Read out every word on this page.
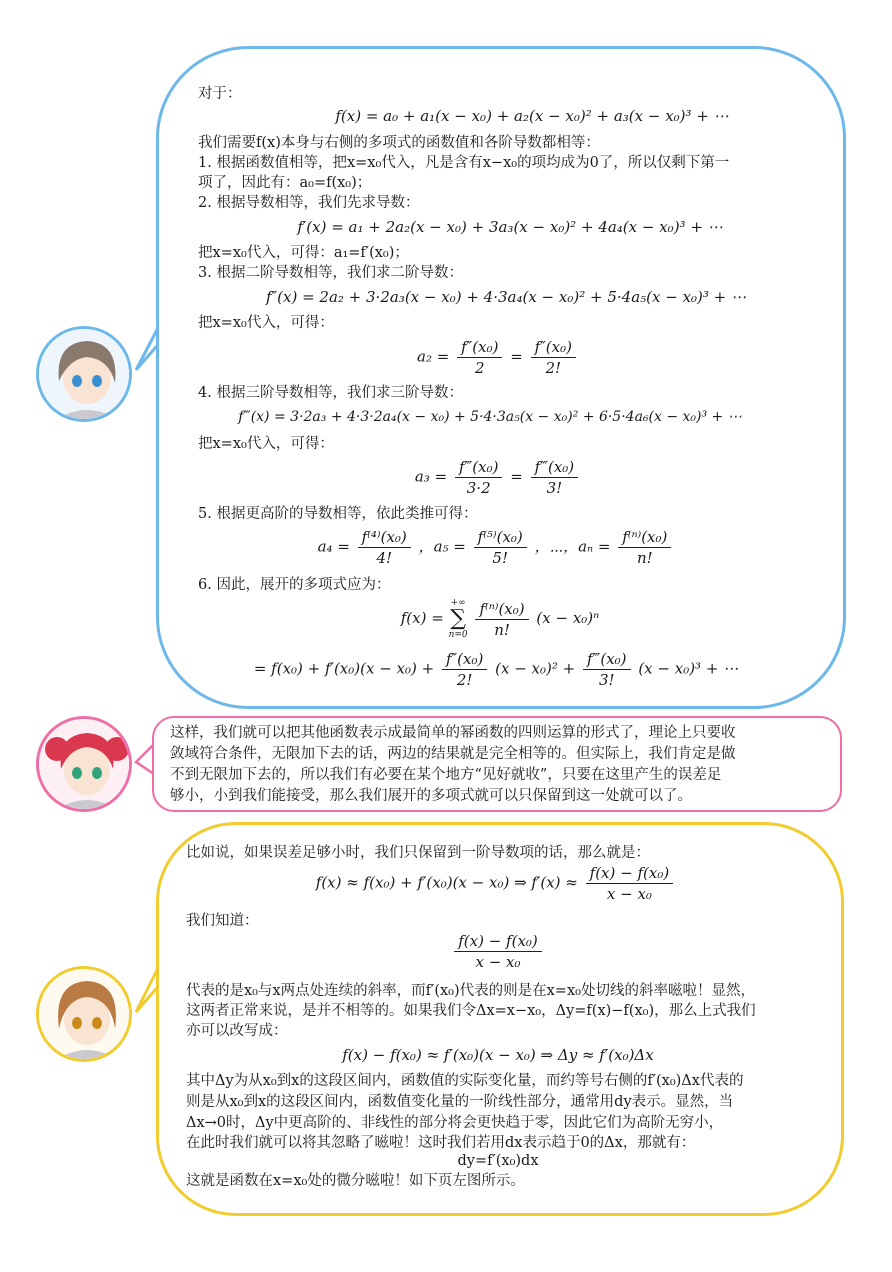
对于：
f(x) = a₀ + a₁(x − x₀) + a₂(x − x₀)² + a₃(x − x₀)³ + ⋯
我们需要f(x)本身与右侧的多项式的函数值和各阶导数都相等：
1. 根据函数值相等，把x=x₀代入，凡是含有x−x₀的项均成为0了，所以仅剩下第一
项了，因此有：a₀=f(x₀)；
2. 根据导数相等，我们先求导数：
f′(x) = a₁ + 2a₂(x − x₀) + 3a₃(x − x₀)² + 4a₄(x − x₀)³ + ⋯
把x=x₀代入，可得：a₁=f′(x₀)；
3. 根据二阶导数相等，我们求二阶导数：
f″(x) = 2a₂ + 3·2a₃(x − x₀) + 4·3a₄(x − x₀)² + 5·4a₅(x − x₀)³ + ⋯
把x=x₀代入，可得：
$a_2 = \frac{\text{f″(x₀)}}{2} = \frac{\text{f″(x₀)}}{2!}$
4. 根据三阶导数相等，我们求三阶导数：
f‴(x) = 3·2a₃ + 4·3·2a₄(x − x₀) + 5·4·3a₅(x − x₀)² + 6·5·4a₆(x − x₀)³ + ⋯
把x=x₀代入，可得：
$a_3 = \frac{\text{f‴(x₀)}}{3\cdot 2} = \frac{\text{f‴(x₀)}}{3!}$
5. 根据更高阶的导数相等，依此类推可得：
$a_4 = \frac{\text{f⁽⁴⁾(x₀)}}{4!}$ ，$a_5 = \frac{\text{f⁽⁵⁾(x₀)}}{5!}$ ，⋯，$a_n = \frac{\text{f⁽ⁿ⁾(x₀)}}{n!}$
6. 因此，展开的多项式应为：
f(x) =
+∞
∑
n=0
$\frac{\text{f⁽ⁿ⁾(x₀)}}{n!} (x - x_0)^n$
= $f(x_0) + f'(x_0)(x - x_0) + \frac{\text{f″(x₀)}}{2!} (x - x_0)^2 + \frac{\text{f‴(x₀)}}{3!} (x - x_0)^3$ + ⋯
这样，我们就可以把其他函数表示成最简单的幂函数的四则运算的形式了，理论上只要收
敛域符合条件，无限加下去的话，两边的结果就是完全相等的。但实际上，我们肯定是做
不到无限加下去的，所以我们有必要在某个地方“见好就收”，只要在这里产生的误差足
够小，小到我们能接受，那么我们展开的多项式就可以只保留到这一处就可以了。
比如说，如果误差足够小时，我们只保留到一阶导数项的话，那么就是：
f(x) ≈ f(x₀) + f′(x₀)(x − x₀) ⇒ $f'(x) \approx \frac{\text{f(x) − f(x₀)}}{\text{x − x₀}}$
我们知道：
$\frac{\text{f(x) − f(x₀)}}{\text{x − x₀}}$
代表的是x₀与x两点处连续的斜率，而f′(x₀)代表的则是在x=x₀处切线的斜率嗞啦！显然，
这两者正常来说，是并不相等的。如果我们令Δx=x−x₀，Δy=f(x)−f(x₀)，那么上式我们
亦可以改写成：
f(x) − f(x₀) ≈ f′(x₀)(x − x₀) ⇒ Δy ≈ f′(x₀)Δx
其中Δy为从x₀到x的这段区间内，函数值的实际变化量，而约等号右侧的f′(x₀)Δx代表的
则是从x₀到x的这段区间内，函数值变化量的一阶线性部分，通常用dy表示。显然，当
Δx→0时，Δy中更高阶的、非线性的部分将会更快趋于零，因此它们为高阶无穷小，
在此时我们就可以将其忽略了嗞啦！这时我们若用dx表示趋于0的Δx，那就有：
dy=f′(x₀)dx
这就是函数在x=x₀处的微分嗞啦！如下页左图所示。
